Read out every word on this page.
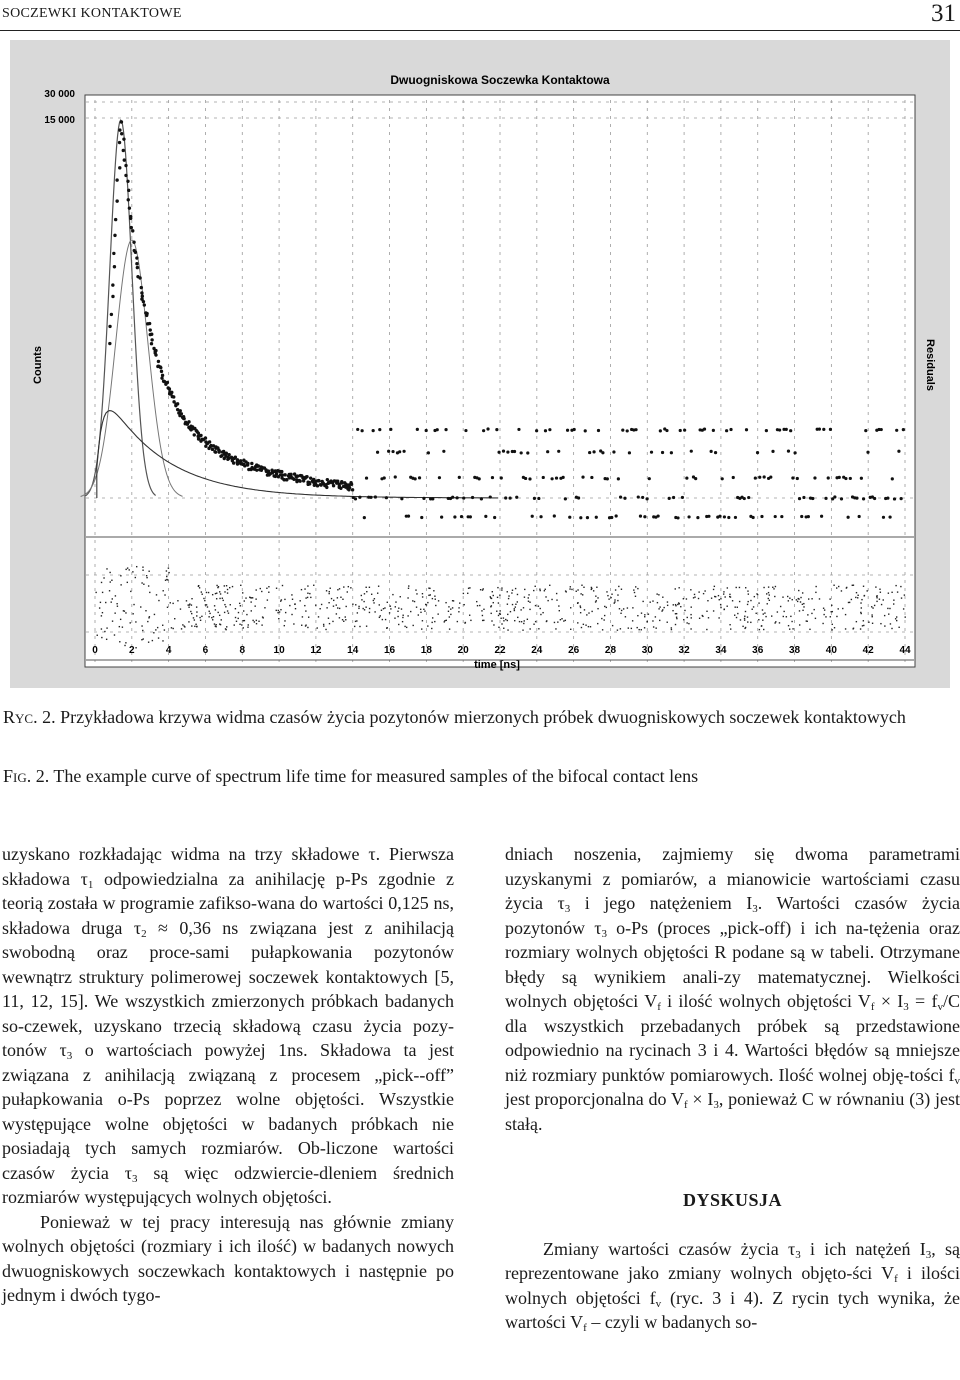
SOCZEWKI KONTAKTOWE	31
Dwuogniskowa Soczewka Kontaktowa
Counts	Residuals
time [ns]
0	2	4	6	8	10	12	14	16	18	20	22	24	26	28	30	32	34	36	38	40	42	44
30 000
15 000
Ryc. 2. Przykładowa krzywa widma czasów życia pozytonów mierzonych próbek dwuogniskowych soczewek kontaktowych
Fig. 2. The example curve of spectrum life time for measured samples of the bifocal contact lens

uzyskano rozkładając widma na trzy składowe τ. Pierwsza składowa $\tau_1$ odpowiedzialna za anihilację p-Ps zgodnie z teorią została w programie zafikso-wana do wartości 0,125 ns, składowa druga $\tau_2 \approx 0,36$ ns związana jest z anihilacją swobodną oraz proce-sami pułapkowania pozytonów wewnątrz struktury polimerowej soczewek kontaktowych [5, 11, 12, 15]. We wszystkich zmierzonych próbkach badanych so-czewek, uzyskano trzecią składową czasu życia pozy-tonów $\tau_3$ o wartościach powyżej 1ns. Składowa ta jest związana z anihilacją związaną z procesem „pick--off” pułapkowania o-Ps poprzez wolne objętości. Wszystkie występujące wolne objętości w badanych próbkach nie posiadają tych samych rozmiarów. Ob-liczone wartości czasów życia $\tau_3$ są więc odzwiercie-dleniem średnich rozmiarów występujących wolnych objętości.

Ponieważ w tej pracy interesują nas głównie zmiany wolnych objętości (rozmiary i ich ilość) w badanych nowych dwuogniskowych soczewkach kontaktowych i następnie po jednym i dwóch tygo-

dniach noszenia, zajmiemy się dwoma parametrami uzyskanymi z pomiarów, a mianowicie wartościami czasu życia $\tau_3$ i jego natężeniem $I_3$. Wartości czasów życia pozytonów $\tau_3$ o-Ps (proces „pick-off) i ich na-tężenia oraz rozmiary wolnych objętości R podane są w tabeli. Otrzymane błędy są wynikiem anali-zy matematycznej. Wielkości wolnych objętości $V_f$ i ilość wolnych objętości $V_f \times I_3 = f_v/C$ dla wszystkich przebadanych próbek są przedstawione odpowiednio na rycinach 3 i 4. Wartości błędów są mniejsze niż rozmiary punktów pomiarowych. Ilość wolnej obję-tości $f_v$ jest proporcjonalna do $V_f \times I_3$, ponieważ C w równaniu (3) jest stałą.

DYSKUSJA

Zmiany wartości czasów życia $\tau_3$ i ich natężeń $I_3$, są reprezentowane jako zmiany wolnych objęto-ści $V_f$ i ilości wolnych objętości $f_v$ (ryc. 3 i 4). Z rycin tych wynika, że wartości $V_f$ – czyli w badanych so-
